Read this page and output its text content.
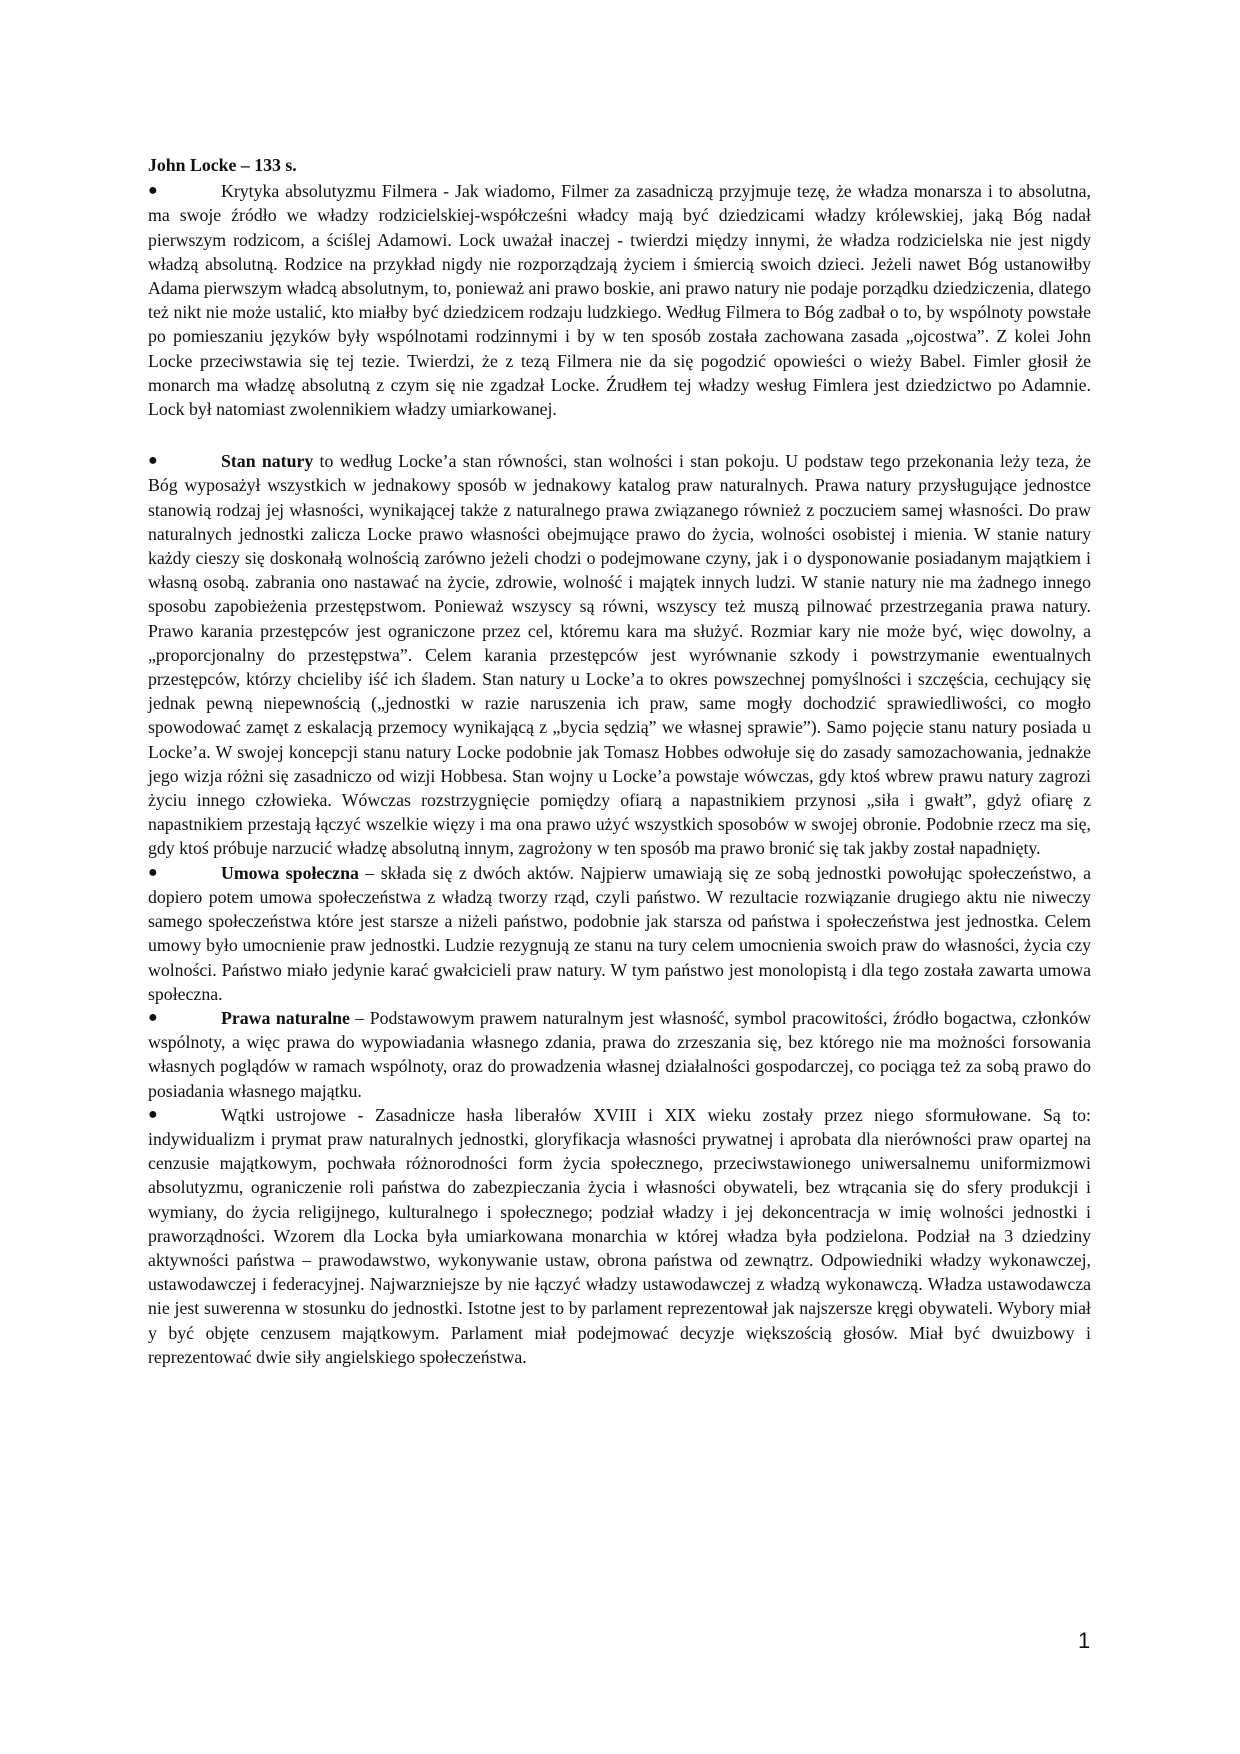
John Locke – 133 s.

●	Krytyka absolutyzmu Filmera - Jak wiadomo, Filmer za zasadniczą przyjmuje tezę, że władza monarsza i to absolutna, ma swoje źródło we władzy rodzicielskiej-współcześni władcy mają być dziedzicami władzy królewskiej, jaką Bóg nadał pierwszym rodzicom, a ściślej Adamowi. Lock uważał inaczej - twierdzi między innymi, że władza rodzicielska nie jest nigdy władzą absolutną. Rodzice na przykład nigdy nie rozporządzają życiem i śmiercią swoich dzieci. Jeżeli nawet Bóg ustanowiłby Adama pierwszym władcą absolutnym, to, ponieważ ani prawo boskie, ani prawo natury nie podaje porządku dziedziczenia, dlatego też nikt nie może ustalić, kto miałby być dziedzicem rodzaju ludzkiego. Według Filmera to Bóg zadbał o to, by wspólnoty powstałe po pomieszaniu języków były wspólnotami rodzinnymi i by w ten sposób została zachowana zasada „ojcostwa”. Z kolei John Locke przeciwstawia się tej tezie. Twierdzi, że z tezą Filmera nie da się pogodzić opowieści o wieży Babel. Fimler głosił że monarch ma władzę absolutną z czym się nie zgadzał Locke. Źrudłem tej władzy wesług Fimlera jest dziedzictwo po Adamnie. Lock był natomiast zwolennikiem władzy umiarkowanej.

●	Stan natury to według Locke’a stan równości, stan wolności i stan pokoju. U podstaw tego przekonania leży teza, że Bóg wyposażył wszystkich w jednakowy sposób w jednakowy katalog praw naturalnych. Prawa natury przysługujące jednostce stanowią rodzaj jej własności, wynikającej także z naturalnego prawa związanego również z poczuciem samej własności. Do praw naturalnych jednostki zalicza Locke prawo własności obejmujące prawo do życia, wolności osobistej i mienia. W stanie natury każdy cieszy się doskonałą wolnością zarówno jeżeli chodzi o podejmowane czyny, jak i o dysponowanie posiadanym majątkiem i własną osobą. zabrania ono nastawać na życie, zdrowie, wolność i majątek innych ludzi. W stanie natury nie ma żadnego innego sposobu zapobieżenia przestępstwom. Ponieważ wszyscy są równi, wszyscy też muszą pilnować przestrzegania prawa natury. Prawo karania przestępców jest ograniczone przez cel, któremu kara ma służyć. Rozmiar kary nie może być, więc dowolny, a „proporcjonalny do przestępstwa”. Celem karania przestępców jest wyrównanie szkody i powstrzymanie ewentualnych przestępców, którzy chcieliby iść ich śladem. Stan natury u Locke’a to okres powszechnej pomyślności i szczęścia, cechujący się jednak pewną niepewnością („jednostki w razie naruszenia ich praw, same mogły dochodzić sprawiedliwości, co mogło spowodować zamęt z eskalacją przemocy wynikającą z „bycia sędzią” we własnej sprawie”). Samo pojęcie stanu natury posiada u Locke’a. W swojej koncepcji stanu natury Locke podobnie jak Tomasz Hobbes odwołuje się do zasady samozachowania, jednakże jego wizja różni się zasadniczo od wizji Hobbesa. Stan wojny u Locke’a powstaje wówczas, gdy ktoś wbrew prawu natury zagrozi życiu innego człowieka. Wówczas rozstrzygnięcie pomiędzy ofiarą a napastnikiem przynosi „siła i gwałt”, gdyż ofiarę z napastnikiem przestają łączyć wszelkie więzy i ma ona prawo użyć wszystkich sposobów w swojej obronie. Podobnie rzecz ma się, gdy ktoś próbuje narzucić władzę absolutną innym, zagrożony w ten sposób ma prawo bronić się tak jakby został napadnięty.

●	Umowa społeczna – składa się z dwóch aktów. Najpierw umawiają się ze sobą jednostki powołując społeczeństwo, a dopiero potem umowa społeczeństwa z władzą tworzy rząd, czyli państwo. W rezultacie rozwiązanie drugiego aktu nie niweczy samego społeczeństwa które jest starsze a niżeli państwo, podobnie jak starsza od państwa i społeczeństwa jest jednostka. Celem umowy było umocnienie praw jednostki. Ludzie rezygnują ze stanu na tury celem umocnienia swoich praw do własności, życia czy wolności. Państwo miało jedynie karać gwałcicieli praw natury. W tym państwo jest monolopistą i dla tego została zawarta umowa społeczna.

●	Prawa naturalne – Podstawowym prawem naturalnym jest własność, symbol pracowitości, źródło bogactwa, członków wspólnoty, a więc prawa do wypowiadania własnego zdania, prawa do zrzeszania się, bez którego nie ma możności forsowania własnych poglądów w ramach wspólnoty, oraz do prowadzenia własnej działalności gospodarczej, co pociąga też za sobą prawo do posiadania własnego majątku.

●	Wątki ustrojowe - Zasadnicze hasła liberałów XVIII i XIX wieku zostały przez niego sformułowane. Są to: indywidualizm i prymat praw naturalnych jednostki, gloryfikacja własności prywatnej i aprobata dla nierówności praw opartej na cenzusie majątkowym, pochwała różnorodności form życia społecznego, przeciwstawionego uniwersalnemu uniformizmowi absolutyzmu, ograniczenie roli państwa do zabezpieczania życia i własności obywateli, bez wtrącania się do sfery produkcji i wymiany, do życia religijnego, kulturalnego i społecznego; podział władzy i jej dekoncentracja w imię wolności jednostki i praworządności. Wzorem dla Locka była umiarkowana monarchia w której władza była podzielona. Podział na 3 dziedziny aktywności państwa – prawodawstwo, wykonywanie ustaw, obrona państwa od zewnątrz. Odpowiedniki władzy wykonawczej, ustawodawczej i federacyjnej. Najwarzniejsze by nie łączyć władzy ustawodawczej z władzą wykonawczą. Władza ustawodawcza nie jest suwerenna w stosunku do jednostki. Istotne jest to by parlament reprezentował jak najszersze kręgi obywateli. Wybory miał y być objęte cenzusem majątkowym. Parlament miał podejmować decyzje większością głosów. Miał być dwuizbowy i reprezentować dwie siły angielskiego społeczeństwa.

1
